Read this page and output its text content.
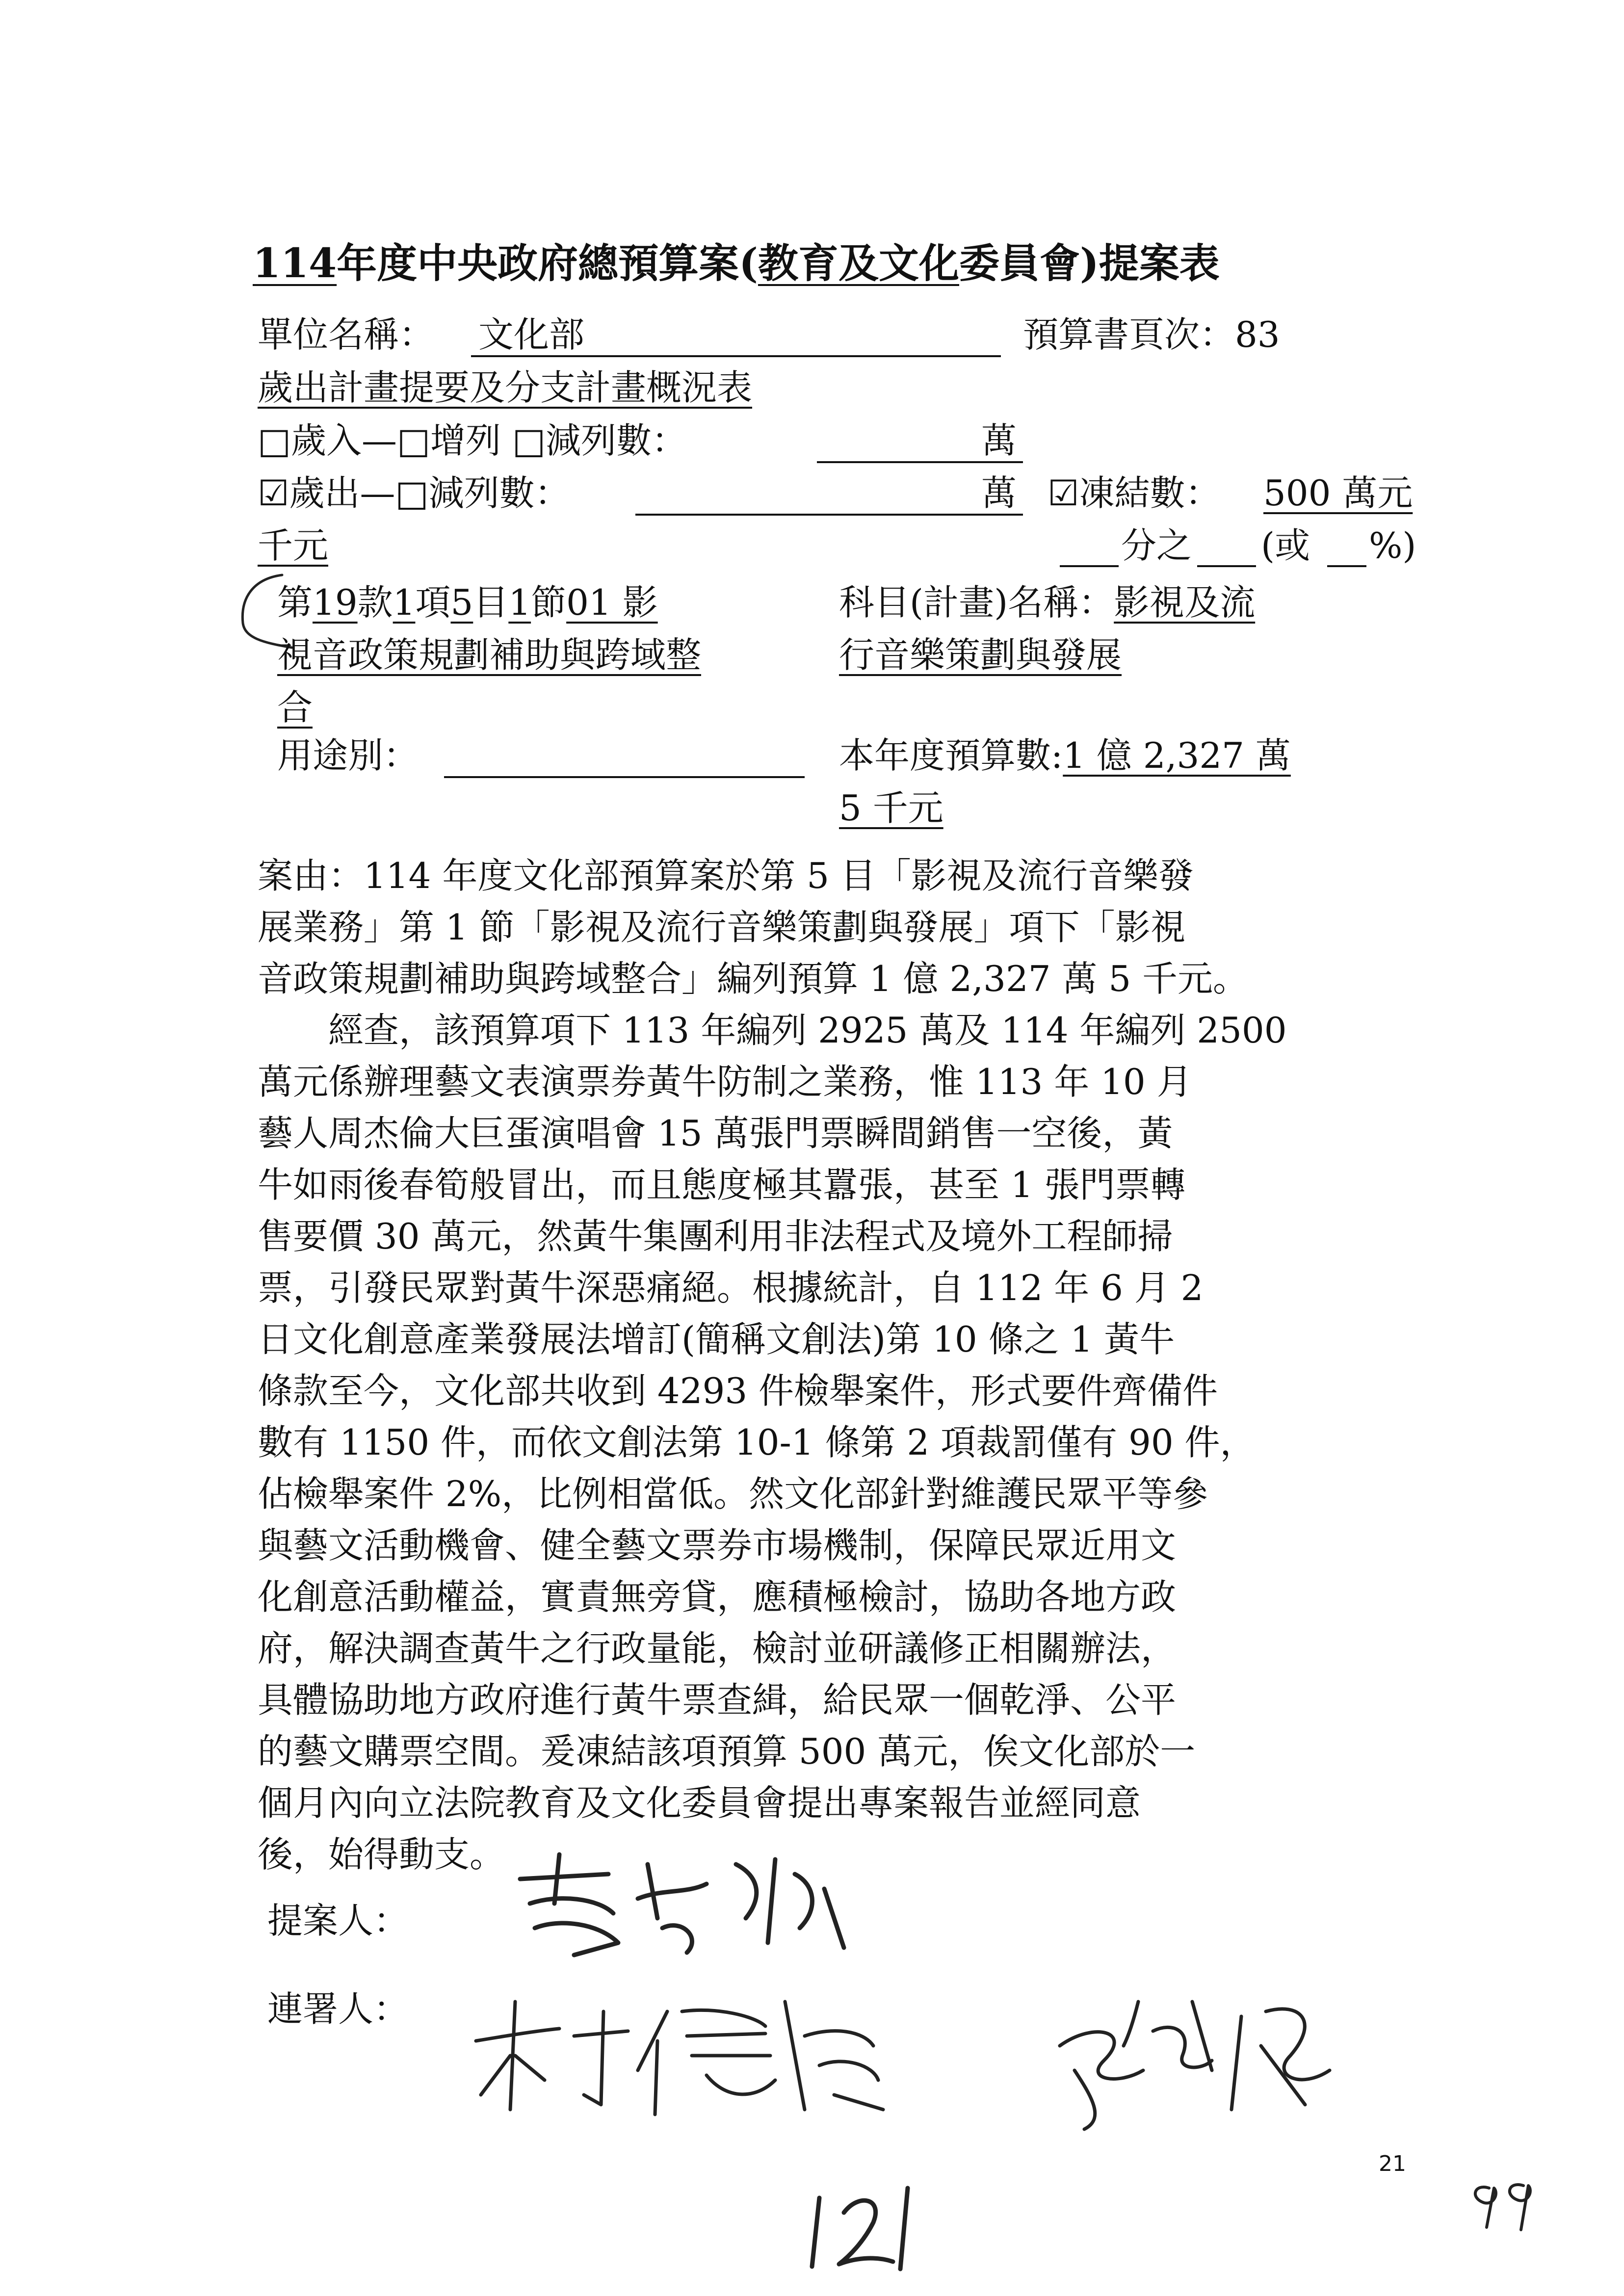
114年度中央政府總預算案(教育及文化委員會)提案表
單位名稱： 文化部	預算書頁次：83
歲出計畫提要及分支計畫概況表
□歲入—□增列 □減列數：	萬
☑歲出—□減列數：	萬 ☑凍結數： 500 萬元
千元	分之 (或 %)
第19款1項5目1節01 影
視音政策規劃補助與跨域整
合
科目(計畫)名稱：影視及流
行音樂策劃與發展
用途別：	本年度預算數:1 億 2,327 萬
5 千元
案由：114 年度文化部預算案於第 5 目「影視及流行音樂發
展業務」第 1 節「影視及流行音樂策劃與發展」項下「影視
音政策規劃補助與跨域整合」編列預算 1 億 2,327 萬 5 千元。
　　經查，該預算項下 113 年編列 2925 萬及 114 年編列 2500
萬元係辦理藝文表演票券黃牛防制之業務，惟 113 年 10 月
藝人周杰倫大巨蛋演唱會 15 萬張門票瞬間銷售一空後，黃
牛如雨後春筍般冒出，而且態度極其囂張，甚至 1 張門票轉
售要價 30 萬元，然黃牛集團利用非法程式及境外工程師掃
票，引發民眾對黃牛深惡痛絕。根據統計，自 112 年 6 月 2
日文化創意產業發展法增訂(簡稱文創法)第 10 條之 1 黃牛
條款至今，文化部共收到 4293 件檢舉案件，形式要件齊備件
數有 1150 件，而依文創法第 10-1 條第 2 項裁罰僅有 90 件，
佔檢舉案件 2%，比例相當低。然文化部針對維護民眾平等參
與藝文活動機會、健全藝文票券市場機制，保障民眾近用文
化創意活動權益，實責無旁貸，應積極檢討，協助各地方政
府，解決調查黃牛之行政量能，檢討並研議修正相關辦法，
具體協助地方政府進行黃牛票查緝，給民眾一個乾淨、公平
的藝文購票空間。爰凍結該項預算 500 萬元，俟文化部於一
個月內向立法院教育及文化委員會提出專案報告並經同意
後，始得動支。
提案人：
連署人：
21
